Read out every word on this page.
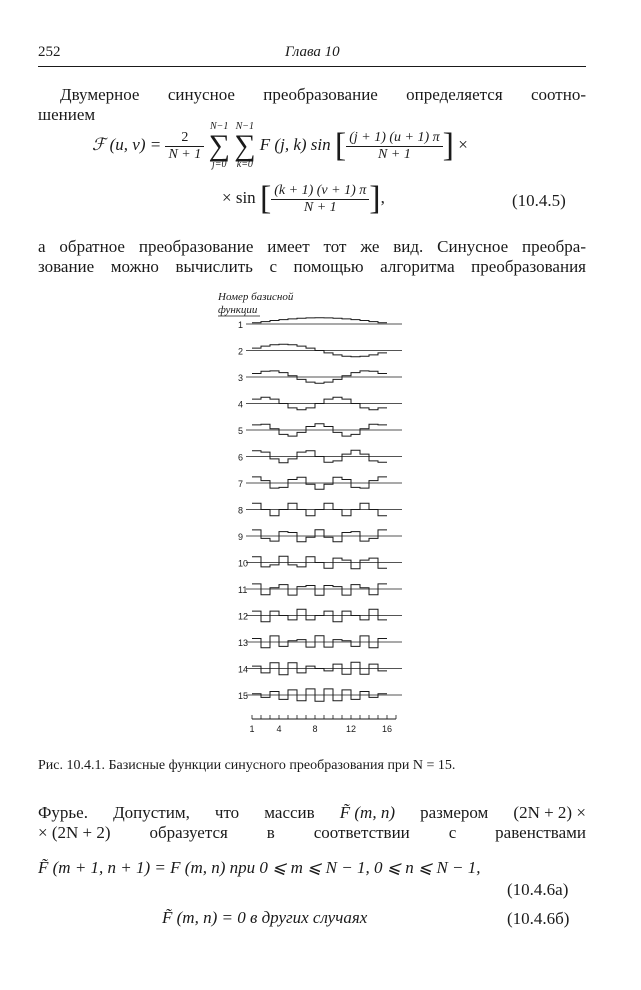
252	Глава 10
Двумерное синусное преобразование определяется соотно-
шением
ℱ (u, $v) = \frac{2}{N + 1}$

N−1
∑
j=0

N−1
∑
k=0
F (j, k) sin [ $\frac{(j + 1) (u + 1) \pi}{N + 1}$ ] ×
× sin [ $\frac{(k + 1) (v + 1) \pi}{N + 1}$ ],	(10.4.5)
а обратное преобразование имеет тот же вид. Синусное преобра-
зование можно вычислить с помощью алгоритма преобразования
Номер базисной
функции
1
2
3
4
5
6
7
8
9
10
11
12
13
14
15
1 4	8	12	16
Рис. 10.4.1. Базисные функции синусного преобразования при N = 15.
Фурье. Допустим, что массив F̃ (m, n) размером (2N + 2) ×
× (2N + 2) образуется в соответствии с равенствами
F̃ (m + 1, n + 1) = F (m, n) при 0 ⩽ m ⩽ N − 1, 0 ⩽ n ⩽ N − 1,
(10.4.6а)
F̃ (m, n) = 0 в других случаях	(10.4.6б)
